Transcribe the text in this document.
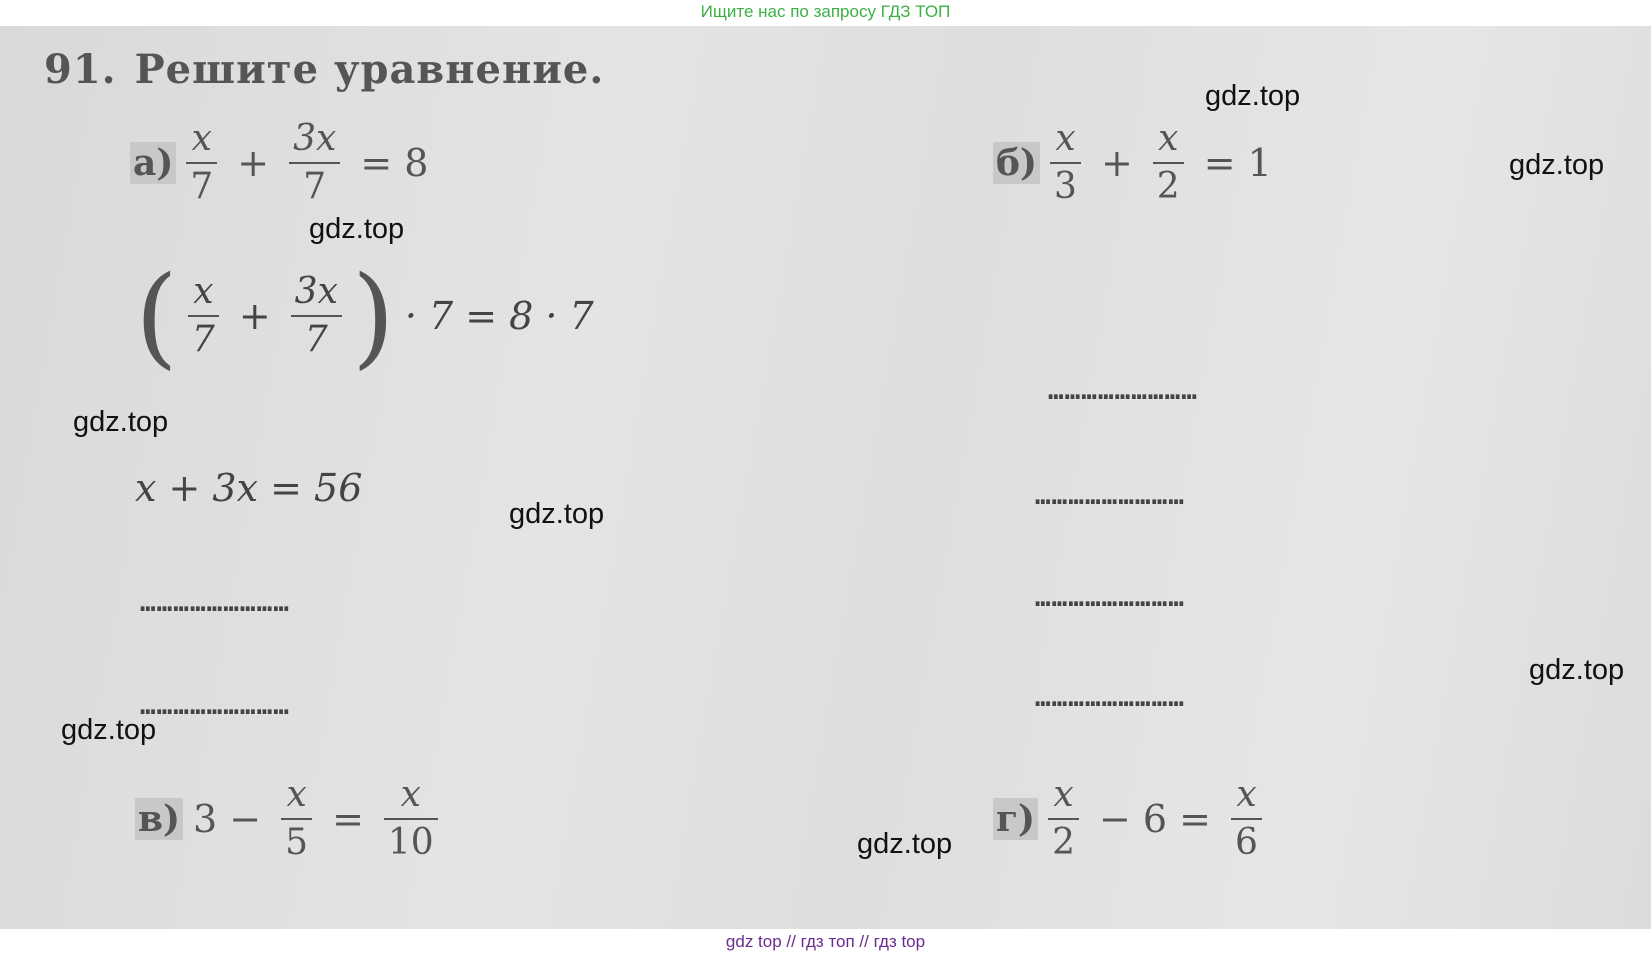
Ищите нас по запросу ГДЗ ТОП
91. Решите уравнение.
$а) \frac{x}{7} + \frac{3x}{7} = 8$
( $\frac{x}{7} + \frac{3x}{7}$ ) · 7 = 8 · 7
x + 3x = 56
………………………
………………………
$б) \frac{x}{3} + \frac{x}{2} = 1$
………………………
………………………
………………………
………………………
в) $3 - \frac{x}{5} = \frac{x}{10}$	$г) \frac{x}{2} - 6 = \frac{x}{6}$
gdz.top
gdz.top
gdz.top
gdz.top
gdz.top
gdz.top
gdz.top
gdz.top
gdz top // гдз топ // гдз top
